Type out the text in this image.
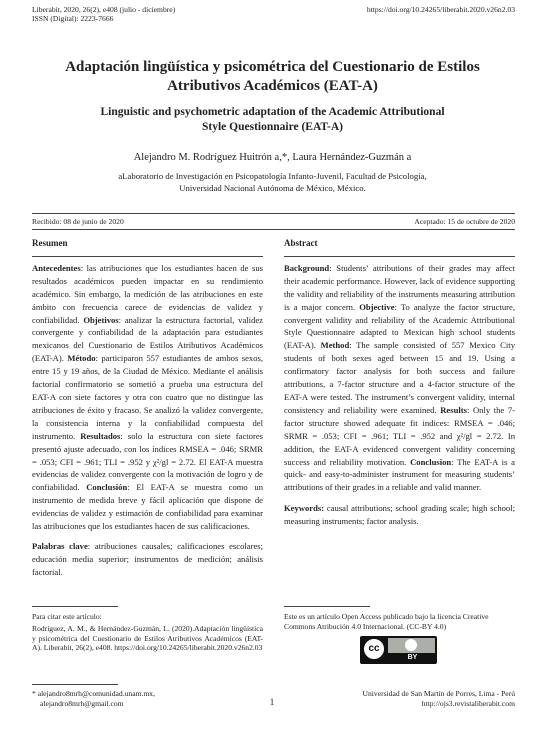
Liberabit, 2020, 26(2), e408 (julio - diciembre)
ISSN (Digital): 2223-7666
https://doi.org/10.24265/liberabit.2020.v26n2.03
Adaptación lingüística y psicométrica del Cuestionario de Estilos
Atributivos Académicos (EAT-A)
Linguistic and psychometric adaptation of the Academic Attributional
Style Questionnaire (EAT-A)
Alejandro M. Rodríguez Huitrón a,*, Laura Hernández-Guzmán a
aLaboratorio de Investigación en Psicopatología Infanto-Juvenil, Facultad de Psicología,
Universidad Nacional Autónoma de México, México.
Recibido: 08 de junio de 2020	Aceptado: 15 de octubre de 2020

Resumen

Antecedentes: las atribuciones que los estudiantes hacen de sus resultados académicos pueden impactar en su rendimiento académico. Sin embargo, la medición de las atribuciones en este ámbito con frecuencia carece de evidencias de validez y confiabilidad. Objetivos: analizar la estructura factorial, validez convergente y confiabilidad de la adaptación para estudiantes mexicanos del Cuestionario de Estilos Atributivos Académicos (EAT-A). Método: participaron 557 estudiantes de ambos sexos, entre 15 y 19 años, de la Ciudad de México. Mediante el análisis factorial confirmatorio se sometió a prueba una estructura del EAT-A con siete factores y otra con cuatro que no distingue las atribuciones de éxito y fracaso. Se analizó la validez convergente, la consistencia interna y la confiabilidad compuesta del instrumento. Resultados: solo la estructura con siete factores presentó ajuste adecuado, con los índices RMSEA = .046; SRMR = .053; CFI = .961; TLI = .952 y χ²/gl = 2.72. El EAT-A muestra evidencias de validez convergente con la motivación de logro y de confiabilidad. Conclusión: El EAT-A se muestra como un instrumento de medida breve y fácil aplicación que dispone de evidencias de validez y estimación de confiabilidad para examinar las atribuciones que los estudiantes hacen de sus calificaciones.

Palabras clave: atribuciones causales; calificaciones escolares; educación media superior; instrumentos de medición; análisis factorial.

Abstract

Background: Students’ attributions of their grades may affect their academic performance. However, lack of evidence supporting the validity and reliability of the instruments measuring attribution is a major concern. Objective: To analyze the factor structure, convergent validity and reliability of the Academic Attributional Style Questionnaire adapted to Mexican high school students (EAT-A). Method: The sample consisted of 557 Mexico City students of both sexes aged between 15 and 19. Using a confirmatory factor analysis for both success and failure attributions, a 7-factor structure and a 4-factor structure of the EAT-A were tested. The instrument’s convergent validity, internal consistency and reliability were examined. Results: Only the 7-factor structure showed adequate fit indices: RMSEA = .046; SRMR = .053; CFI = .961; TLI = .952 and χ²/gl = 2.72. In addition, the EAT-A evidenced convergent validity concerning success and reliability motivation. Conclusion: The EAT-A is a quick- and easy-to-administer instrument for measuring students’ attributions of their grades in a reliable and valid manner.

Keywords: causal attributions; school grading scale; high school; measuring instruments; factor analysis.

Para citar este artículo:
Rodríguez, A. M., & Hernández-Guzmán, L. (2020).Adaptación lingüística y psicométrica del Cuestionario de Estilos Atributivos Académicos (EAT-A). Liberabit, 26(2), e408. https://doi.org/10.24265/liberabit.2020.v26n2.03
Este es un artículo Open Access publicado bajo la licencia Creative Commons Atribución 4.0 Internacional. (CC-BY 4.0)
cc
BY
* alejandro8mrh@comunidad.unam.mx,
alejandro8mrh@gmail.com	1
Universidad de San Martín de Porres, Lima - Perú
http://ojs3.revistaliberabit.com
